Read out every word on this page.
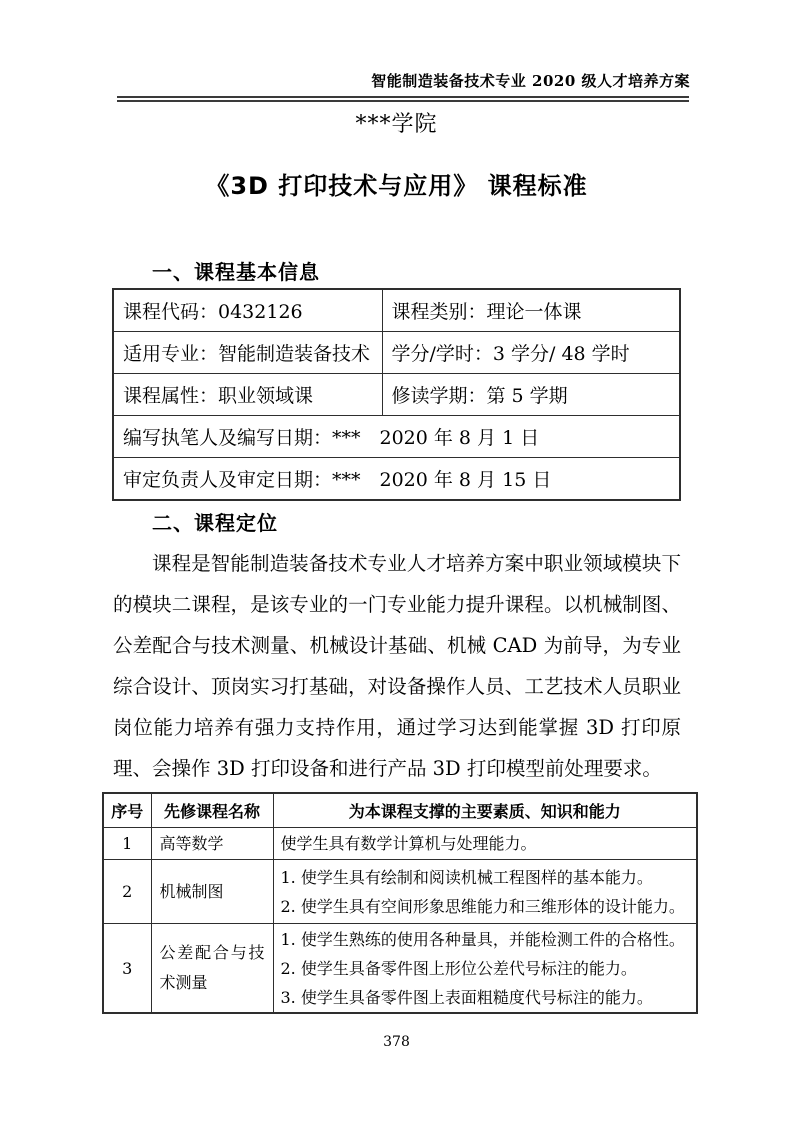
智能制造装备技术专业 2020 级人才培养方案
***学院
《3D 打印技术与应用》 课程标准
一、课程基本信息
课程代码：0432126	课程类别：理论一体课
适用专业：智能制造装备技术	学分/学时：3 学分/ 48 学时
课程属性：职业领域课	修读学期：第 5 学期
编写执笔人及编写日期：***　2020 年 8 月 1 日	
审定负责人及审定日期：***　2020 年 8 月 15 日	
二、课程定位

课程是智能制造装备技术专业人才培养方案中职业领域模块下的模块二课程，是该专业的一门专业能力提升课程。以机械制图、公差配合与技术测量、机械设计基础、机械 CAD 为前导，为专业综合设计、顶岗实习打基础，对设备操作人员、工艺技术人员职业岗位能力培养有强力支持作用，通过学习达到能掌握 3D 打印原理、会操作 3D 打印设备和进行产品 3D 打印模型前处理要求。

序号	先修课程名称	为本课程支撑的主要素质、知识和能力
1	高等数学	使学生具有数学计算机与处理能力。

2	机械制图	1. 使学生具有绘制和阅读机械工程图样的基本能力。
2. 使学生具有空间形象思维能力和三维形体的设计能力。

3	公差配合与技术测量	1. 使学生熟练的使用各种量具，并能检测工件的合格性。
2. 使学生具备零件图上形位公差代号标注的能力。
3. 使学生具备零件图上表面粗糙度代号标注的能力。
378
